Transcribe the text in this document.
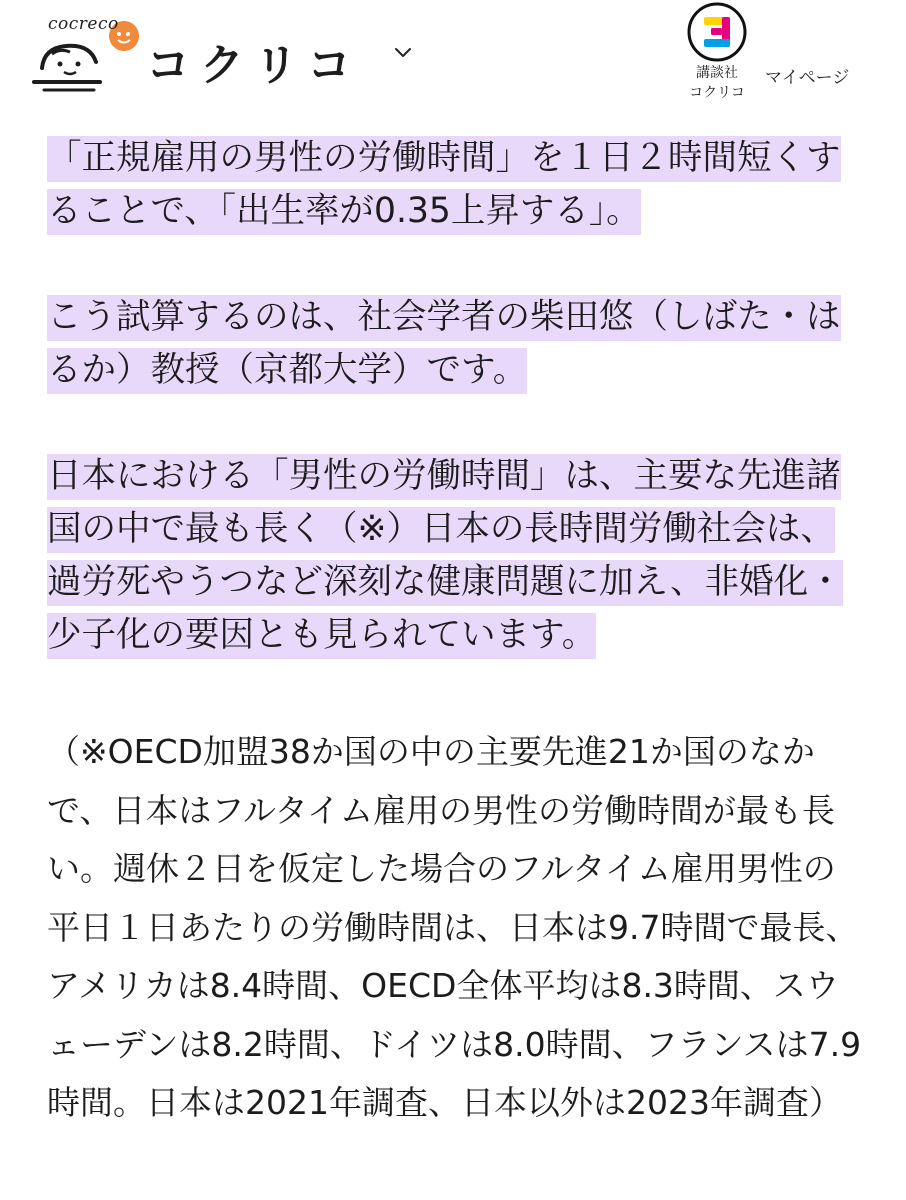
cocreco
コクリコ	講談社
コクリコ
マイページ

「正規雇用の男性の労働時間」を１日２時間短くすることで、「出生率が0.35上昇する」。

こう試算するのは、社会学者の柴田悠（しばた・はるか）教授（京都大学）です。

日本における「男性の労働時間」は、主要な先進諸国の中で最も長く（※）日本の長時間労働社会は、過労死やうつなど深刻な健康問題に加え、非婚化・少子化の要因とも見られています。

（※OECD加盟38か国の中の主要先進21か国のなかで、日本はフルタイム雇用の男性の労働時間が最も長い。週休２日を仮定した場合のフルタイム雇用男性の平日１日あたりの労働時間は、日本は9.7時間で最長、アメリカは8.4時間、OECD全体平均は8.3時間、スウェーデンは8.2時間、ドイツは8.0時間、フランスは7.9時間。日本は2021年調査、日本以外は2023年調査）
